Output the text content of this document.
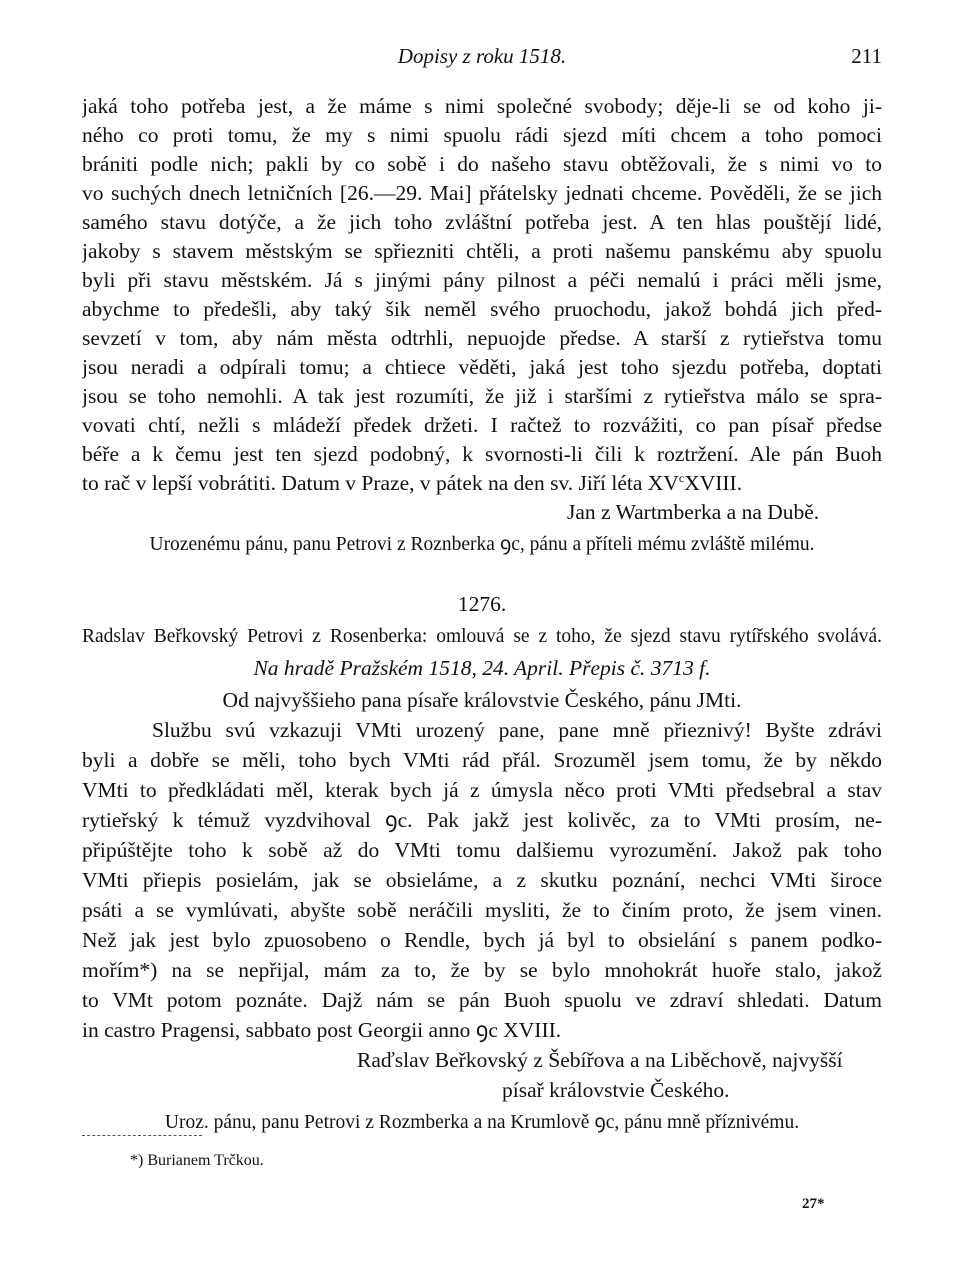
Dopisy z roku 1518.	211
jaká toho potřeba jest, a že máme s nimi společné svobody; děje-li se od koho ji-
ného co proti tomu, že my s nimi spuolu rádi sjezd míti chcem a toho pomoci
brániti podle nich; pakli by co sobě i do našeho stavu obtěžovali, že s nimi vo to
vo suchých dnech letničních [26.—29. Mai] přátelsky jednati chceme. Pověděli, že se jich
samého stavu dotýče, a že jich toho zvláštní potřeba jest. A ten hlas pouštějí lidé,
jakoby s stavem městským se spřiezniti chtěli, a proti našemu panskému aby spuolu
byli při stavu městském. Já s jinými pány pilnost a péči nemalú i práci měli jsme,
abychme to předešli, aby taký šik neměl svého pruochodu, jakož bohdá jich před-
sevzetí v tom, aby nám města odtrhli, nepuojde předse. A starší z rytieřstva tomu
jsou neradi a odpírali tomu; a chtiece věděti, jaká jest toho sjezdu potřeba, doptati
jsou se toho nemohli. A tak jest rozumíti, že již i staršími z rytieřstva málo se spra-
vovati chtí, nežli s mládeží předek držeti. I račtež to rozvážiti, co pan písař předse
béře a k čemu jest ten sjezd podobný, k svornosti-li čili k roztržení. Ale pán Buoh
to rač v lepší vobrátiti. Datum v Praze, v pátek na den sv. Jiří léta $XV^cXVIII$.
Jan z Wartmberka a na Dubě.
Urozenému pánu, panu Petrovi z Roznberka ꝯc, pánu a příteli mému zvláště milému.
1276.
Radslav Beřkovský Petrovi z Rosenberka: omlouvá se z toho, že sjezd stavu rytířského svolává.
Na hradě Pražském 1518, 24. April. Přepis č. 3713 f.
Od najvyššieho pana písaře královstvie Českého, pánu JMti.
Službu svú vzkazuji VMti urozený pane, pane mně přieznivý! Byšte zdrávi
byli a dobře se měli, toho bych VMti rád přál. Srozuměl jsem tomu, že by někdo
VMti to předkládati měl, kterak bych já z úmysla něco proti VMti předsebral a stav
rytieřský k témuž vyzdvihoval ꝯc. Pak jakž jest kolivěc, za to VMti prosím, ne-
připúštějte toho k sobě až do VMti tomu dalšiemu vyrozumění. Jakož pak toho
VMti přiepis posielám, jak se obsieláme, a z skutku poznání, nechci VMti široce
psáti a se vymlúvati, abyšte sobě neráčili mysliti, že to činím proto, že jsem vinen.
Než jak jest bylo zpuosobeno o Rendle, bych já byl to obsielání s panem podko-
mořím*) na se nepřijal, mám za to, že by se bylo mnohokrát huoře stalo, jakož
to VMt potom poznáte. Dajž nám se pán Buoh spuolu ve zdraví shledati. Datum
in castro Pragensi, sabbato post Georgii anno ꝯc XVIII.
Raďslav Beřkovský z Šebířova a na Liběchově, najvyšší
písař královstvie Českého.
Uroz. pánu, panu Petrovi z Rozmberka a na Krumlově ꝯc, pánu mně příznivému.
*) Burianem Trčkou.
27*
